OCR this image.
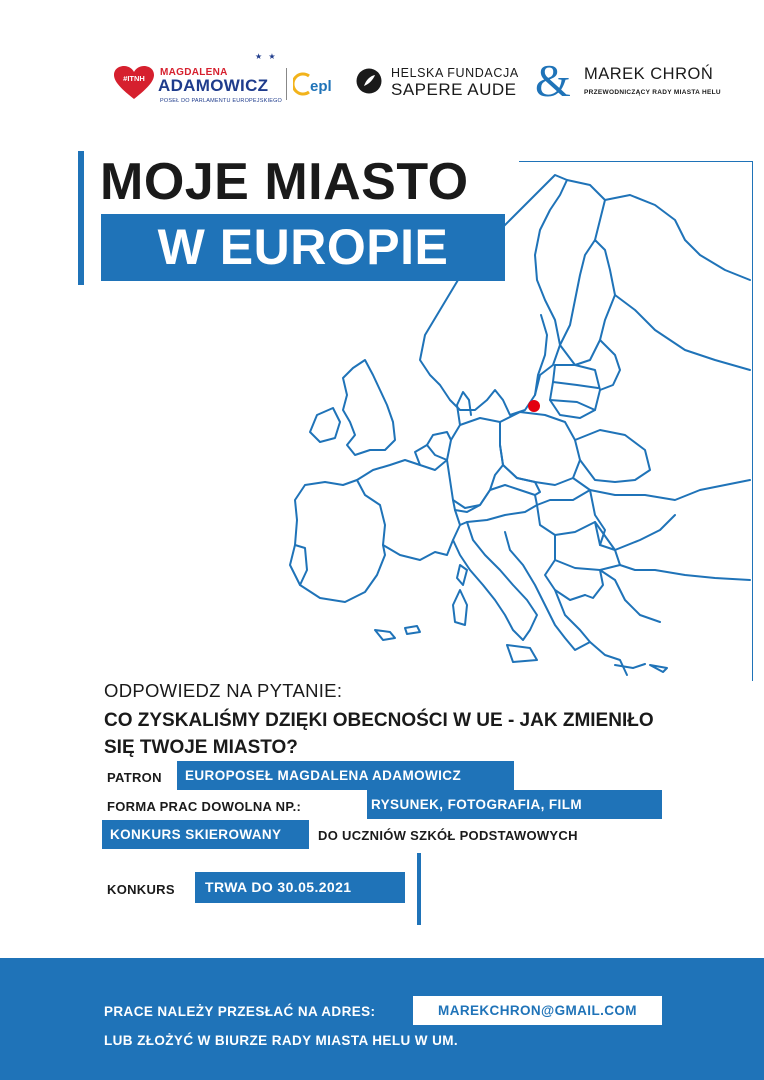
#ITNH
★ ★
MAGDALENA
ADAMOWICZ
POSEŁ DO PARLAMENTU EUROPEJSKIEGO
epl
HELSKA FUNDACJA
SAPERE AUDE & MAREK CHROŃ
PRZEWODNICZĄCY RADY MIASTA HELU
MOJE MIASTO
W EUROPIE
ODPOWIEDZ NA PYTANIE:
CO ZYSKALIŚMY DZIĘKI OBECNOŚCI W UE - JAK ZMIENIŁO SIĘ TWOJE MIASTO?
PATRON	EUROPOSEŁ MAGDALENA ADAMOWICZ
FORMA PRAC DOWOLNA NP.:	RYSUNEK, FOTOGRAFIA, FILM
KONKURS SKIEROWANY	DO UCZNIÓW SZKÓŁ PODSTAWOWYCH
KONKURS	TRWA DO 30.05.2021
PRACE NALEŻY PRZESŁAĆ NA ADRES:	MAREKCHRON@GMAIL.COM
LUB ZŁOŻYĆ W BIURZE RADY MIASTA HELU W UM.
